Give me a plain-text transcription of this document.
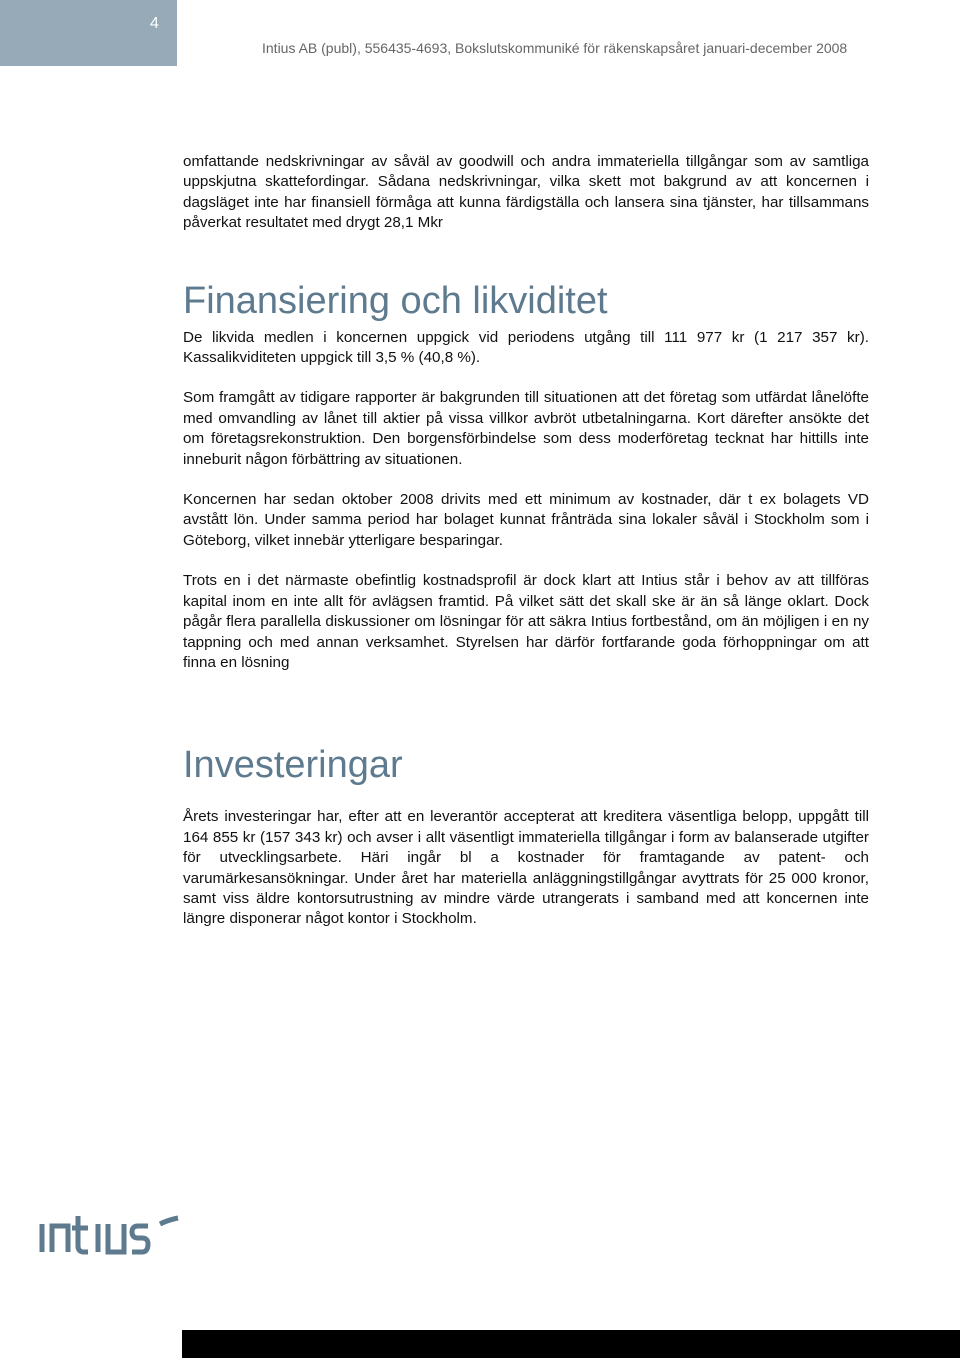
4
Intius AB (publ), 556435-4693, Bokslutskommuniké för räkenskapsåret januari-december 2008

omfattande nedskrivningar av såväl av goodwill och andra immateriella tillgångar som av samtliga uppskjutna skattefordingar. Sådana nedskrivningar, vilka skett mot bakgrund av att koncernen i dagsläget inte har finansiell förmåga att kunna färdigställa och lansera sina tjänster, har tillsammans påverkat resultatet med drygt 28,1 Mkr

Finansiering och likviditet

De likvida medlen i koncernen uppgick vid periodens utgång till 111 977 kr (1 217 357 kr). Kassalikviditeten uppgick till 3,5 % (40,8 %).

Som framgått av tidigare rapporter är bakgrunden till situationen att det företag som utfärdat lånelöfte med omvandling av lånet till aktier på vissa villkor avbröt utbetalningarna. Kort därefter ansökte det om företagsrekonstruktion. Den borgensförbindelse som dess moderföretag tecknat har hittills inte inneburit någon förbättring av situationen.

Koncernen har sedan oktober 2008 drivits med ett minimum av kostnader, där t ex bolagets VD avstått lön. Under samma period har bolaget kunnat frånträda sina lokaler såväl i Stockholm som i Göteborg, vilket innebär ytterligare besparingar.

Trots en i det närmaste obefintlig kostnadsprofil är dock klart att Intius står i behov av att tillföras kapital inom en inte allt för avlägsen framtid. På vilket sätt det skall ske är än så länge oklart. Dock pågår flera parallella diskussioner om lösningar för att säkra Intius fortbestånd, om än möjligen i en ny tappning och med annan verksamhet. Styrelsen har därför fortfarande goda förhoppningar om att finna en lösning

Investeringar

Årets investeringar har, efter att en leverantör accepterat att kreditera väsentliga belopp, uppgått till 164 855 kr (157 343 kr) och avser i allt väsentligt immateriella tillgångar i form av balanserade utgifter för utvecklingsarbete. Häri ingår bl a kostnader för framtagande av patent- och varumärkesansökningar. Under året har materiella anläggningstillgångar avyttrats för 25 000 kronor, samt viss äldre kontorsutrustning av mindre värde utrangerats i samband med att koncernen inte längre disponerar något kontor i Stockholm.
